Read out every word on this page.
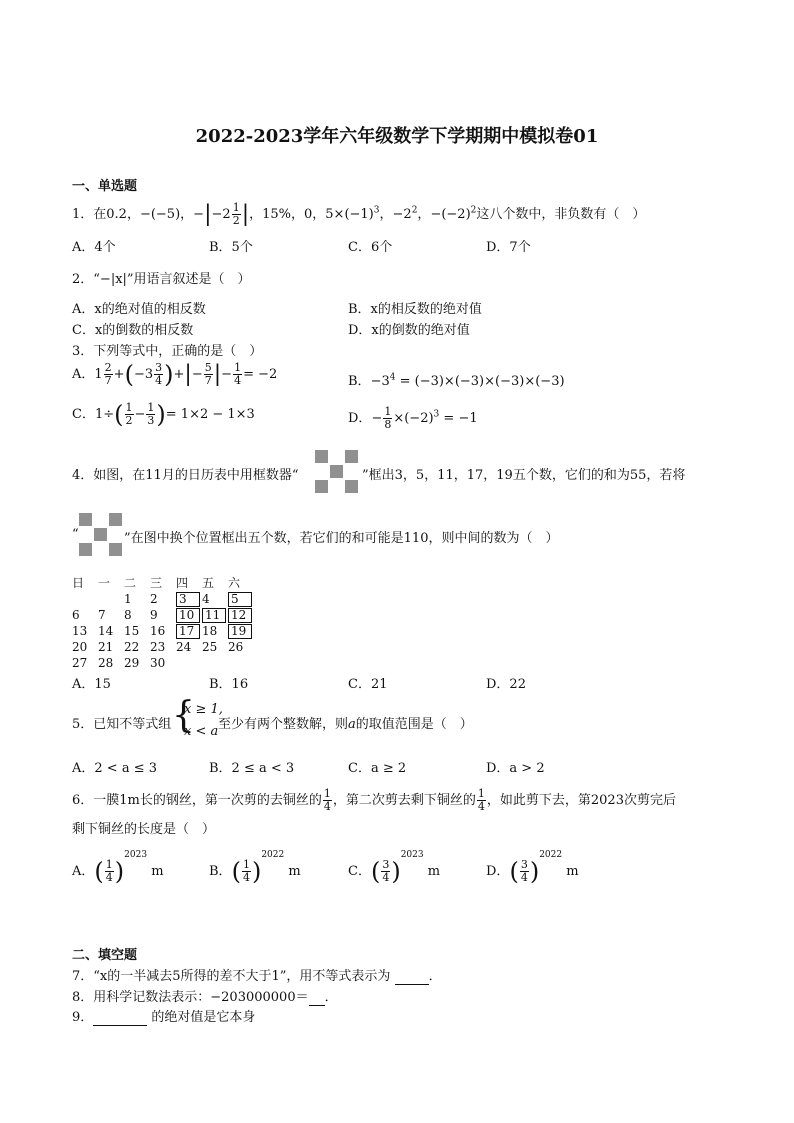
2022-2023学年六年级数学下学期期中模拟卷01
一、单选题
1．在0.2，−(−5)，$-|-2 \frac{1}{2}$ |，15%，0，$5\times(-1)^3$，$-2^2$，$-(-2)^2$这八个数中，非负数有（　）
A．4个	B．5个	C．6个	D．7个
2．“−|x|”用语言叙述是（　）
A．x的绝对值的相反数	B．x的相反数的绝对值
C．x的倒数的相反数	D．x的倒数的绝对值
3．下列等式中，正确的是（　）
A．$1 \frac{2}{7} +(-3 \frac{3}{4}$ )+|− $\frac{5}{7}$ |− $\frac{1}{4} = -2$	B．$-3^4 = (-3)\times(-3)\times(-3)\times(-3)$
C．$1\div( \frac{1}{2} - \frac{1}{3}$ )= 1×2 − 1×3	D．− $\frac{1}{8} \times(-2)^3 = -1$
4．如图，在11月的日历表中用框数器“	”框出3，5，11，17，19五个数，它们的和为55，若将
“	”在图中换个位置框出五个数，若它们的和可能是110，则中间的数为（　）
日	一	二	三	四	五	六
		1	2	3	4	5
6	7	8	9	10	11	12
13	14	15	16	17	18	19
20	21	22	23	24	25	26
27	28	29	30			
A．15	B．16	C．21	D．22
5．已知不等式组 {
x ≥ 1,
x < a 至少有两个整数解，则a的取值范围是（　）
A．2 < a ≤ 3	B．2 ≤ a < 3	C．a ≥ 2	D．a > 2
6．一膜1m长的钢丝，第一次剪的去铜丝的 $\frac{1}{4}$ ，第二次剪去剩下铜丝的 $\frac{1}{4}$ ，如此剪下去，第2023次剪完后
剩下铜丝的长度是（　）
A．( $\frac{1}{4} )^{2023}$ m	B．( $\frac{1}{4} )^{2022}$ m	C．( $\frac{3}{4} )^{2023}$ m	D．( $\frac{3}{4} )^{2022}$ m
二、填空题
7．“x的一半减去5所得的差不大于1”，用不等式表示为	．
8．用科学记数法表示：−203000000＝ ．
9．	的绝对值是它本身
